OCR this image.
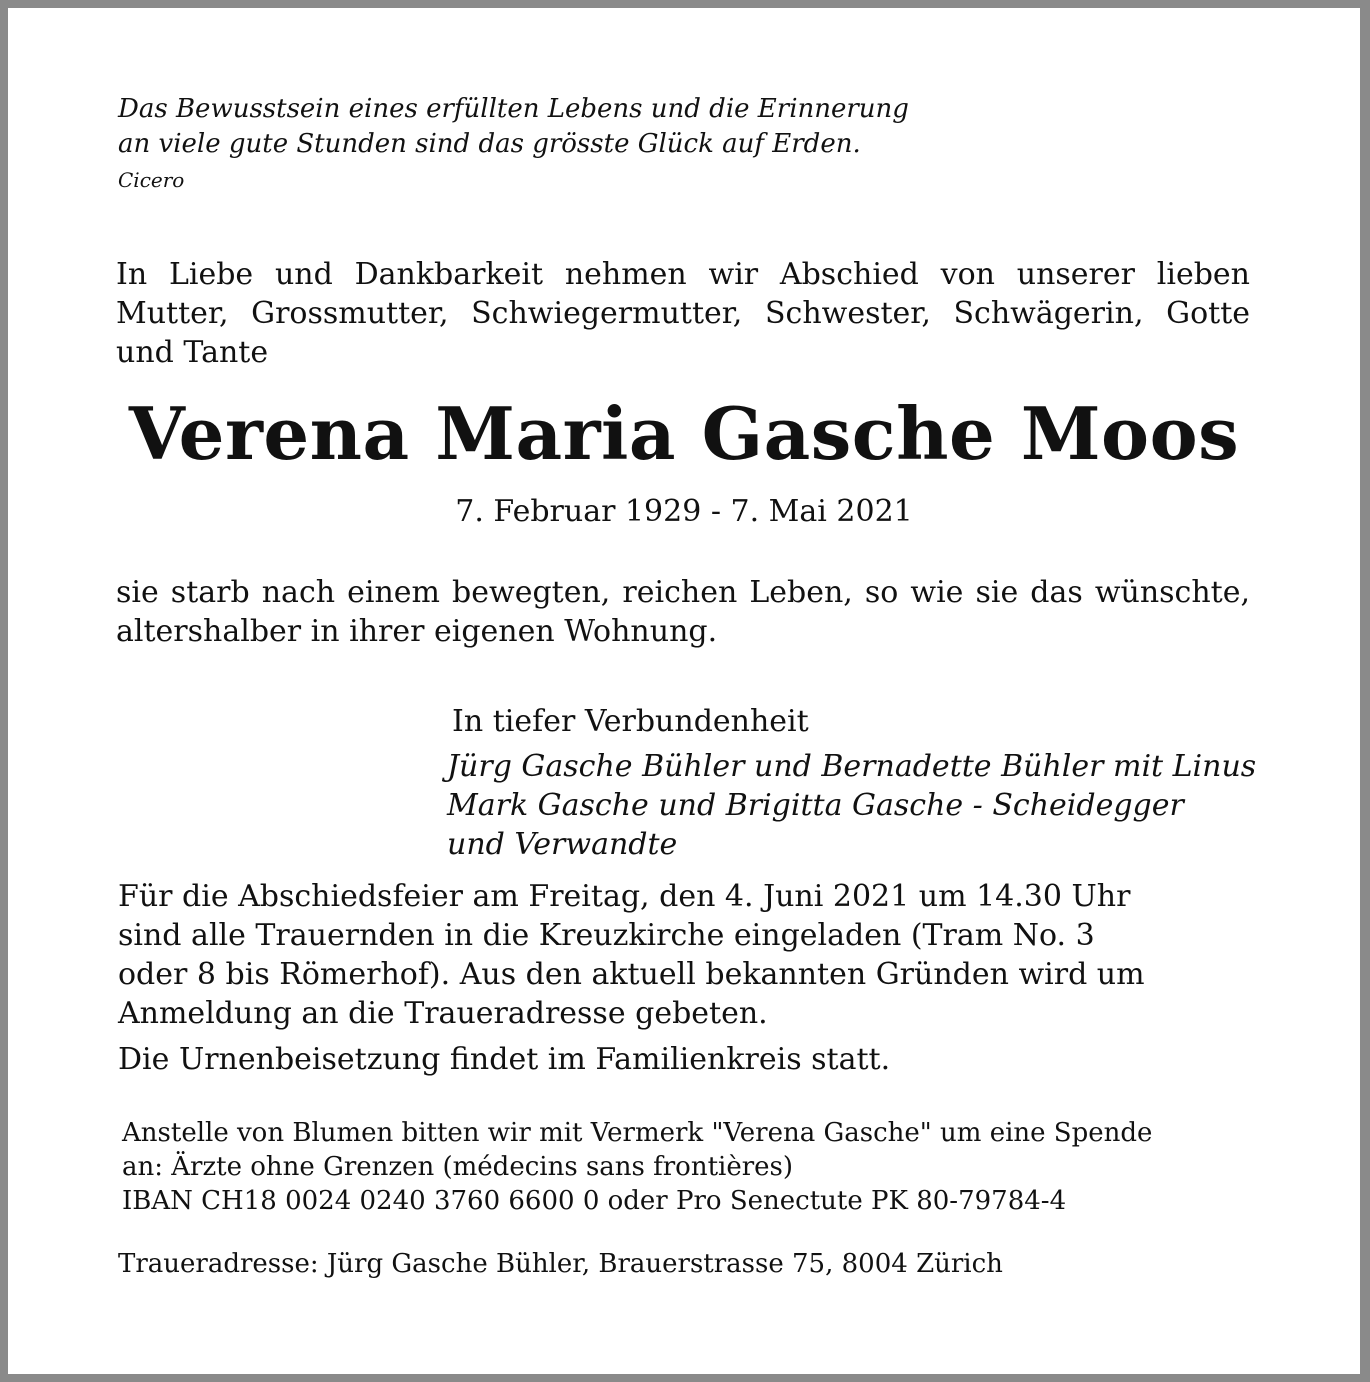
Das Bewusstsein eines erfüllten Lebens und die Erinnerung
an viele gute Stunden sind das grösste Glück auf Erden.

Cicero

In Liebe und Dankbarkeit nehmen wir Abschied von unserer lieben Mutter, Grossmutter, Schwiegermutter, Schwester, Schwägerin, Gotte und Tante

Verena Maria Gasche Moos

7. Februar 1929 - 7. Mai 2021

sie starb nach einem bewegten, reichen Leben, so wie sie das wünschte, altershalber in ihrer eigenen Wohnung.

In tiefer Verbundenheit

Jürg Gasche Bühler und Bernadette Bühler mit Linus
Mark Gasche und Brigitta Gasche - Scheidegger
und Verwandte
Für die Abschiedsfeier am Freitag, den 4. Juni 2021 um 14.30 Uhr
sind alle Trauernden in die Kreuzkirche eingeladen (Tram No. 3
oder 8 bis Römerhof). Aus den aktuell bekannten Gründen wird um
Anmeldung an die Traueradresse gebeten.

Die Urnenbeisetzung findet im Familienkreis statt.

Anstelle von Blumen bitten wir mit Vermerk "Verena Gasche" um eine Spende
an: Ärzte ohne Grenzen (médecins sans frontières)
IBAN CH18 0024 0240 3760 6600 0 oder Pro Senectute PK 80-79784-4

Traueradresse: Jürg Gasche Bühler, Brauerstrasse 75, 8004 Zürich
